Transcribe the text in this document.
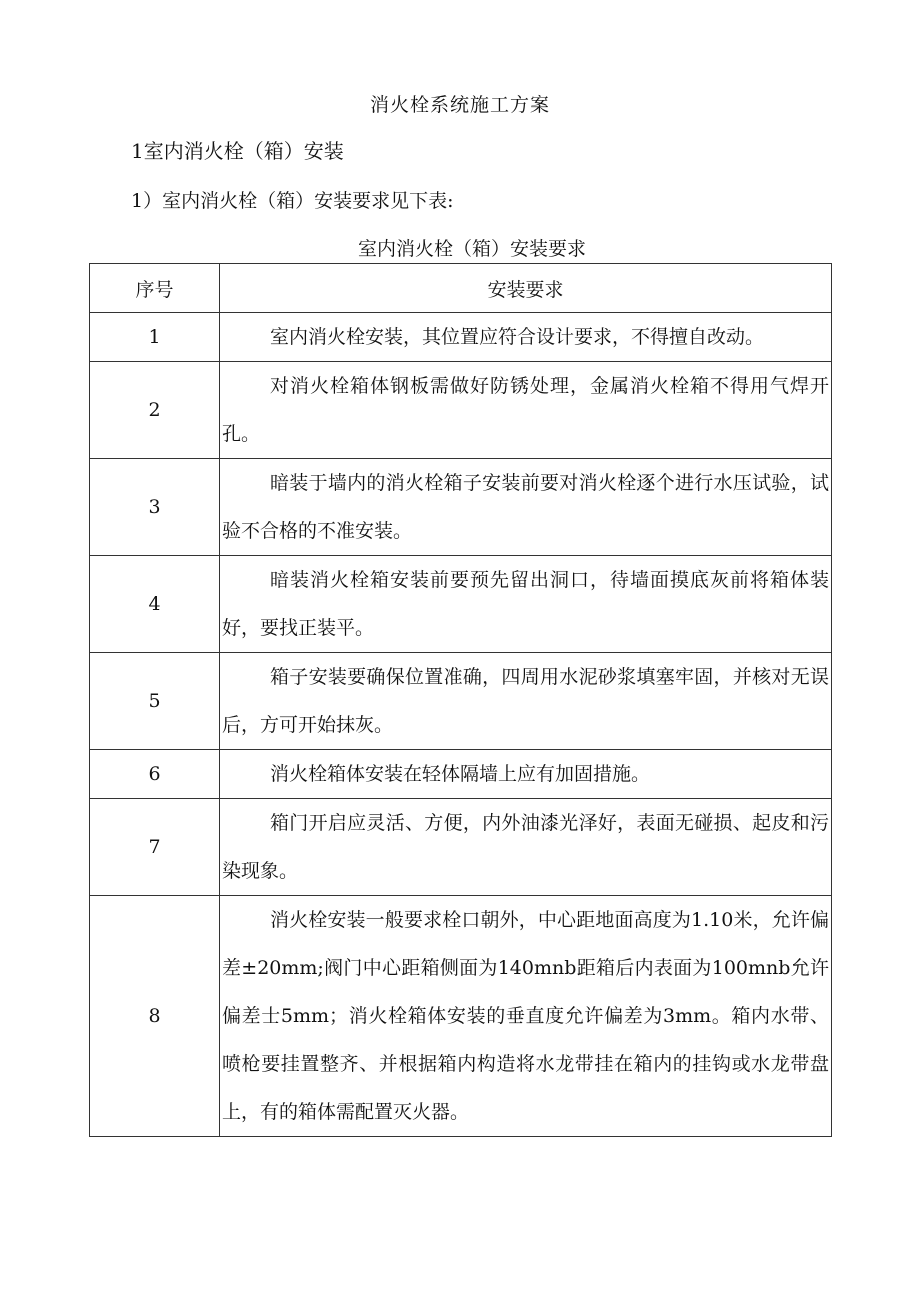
消火栓系统施工方案
1室内消火栓（箱）安装
1）室内消火栓（箱）安装要求见下表:
室内消火栓（箱）安装要求
序号	安装要求
1	室内消火栓安装，其位置应符合设计要求，不得擅自改动。
2	对消火栓箱体钢板需做好防锈处理，金属消火栓箱不得用气焊开孔。
3	暗装于墙内的消火栓箱子安装前要对消火栓逐个进行水压试验，试验不合格的不准安装。
4	暗装消火栓箱安装前要预先留出洞口，待墙面摸底灰前将箱体装好，要找正装平。
5	箱子安装要确保位置准确，四周用水泥砂浆填塞牢固，并核对无误后，方可开始抹灰。
6	消火栓箱体安装在轻体隔墙上应有加固措施。
7	箱门开启应灵活、方便，内外油漆光泽好，表面无碰损、起皮和污染现象。
8	消火栓安装一般要求栓口朝外，中心距地面高度为1.10米，允许偏差±20mm;阀门中心距箱侧面为140mnb距箱后内表面为100mnb允许偏差士5mm；消火栓箱体安装的垂直度允许偏差为3mm。箱内水带、喷枪要挂置整齐、并根据箱内构造将水龙带挂在箱内的挂钩或水龙带盘上，有的箱体需配置灭火器。
